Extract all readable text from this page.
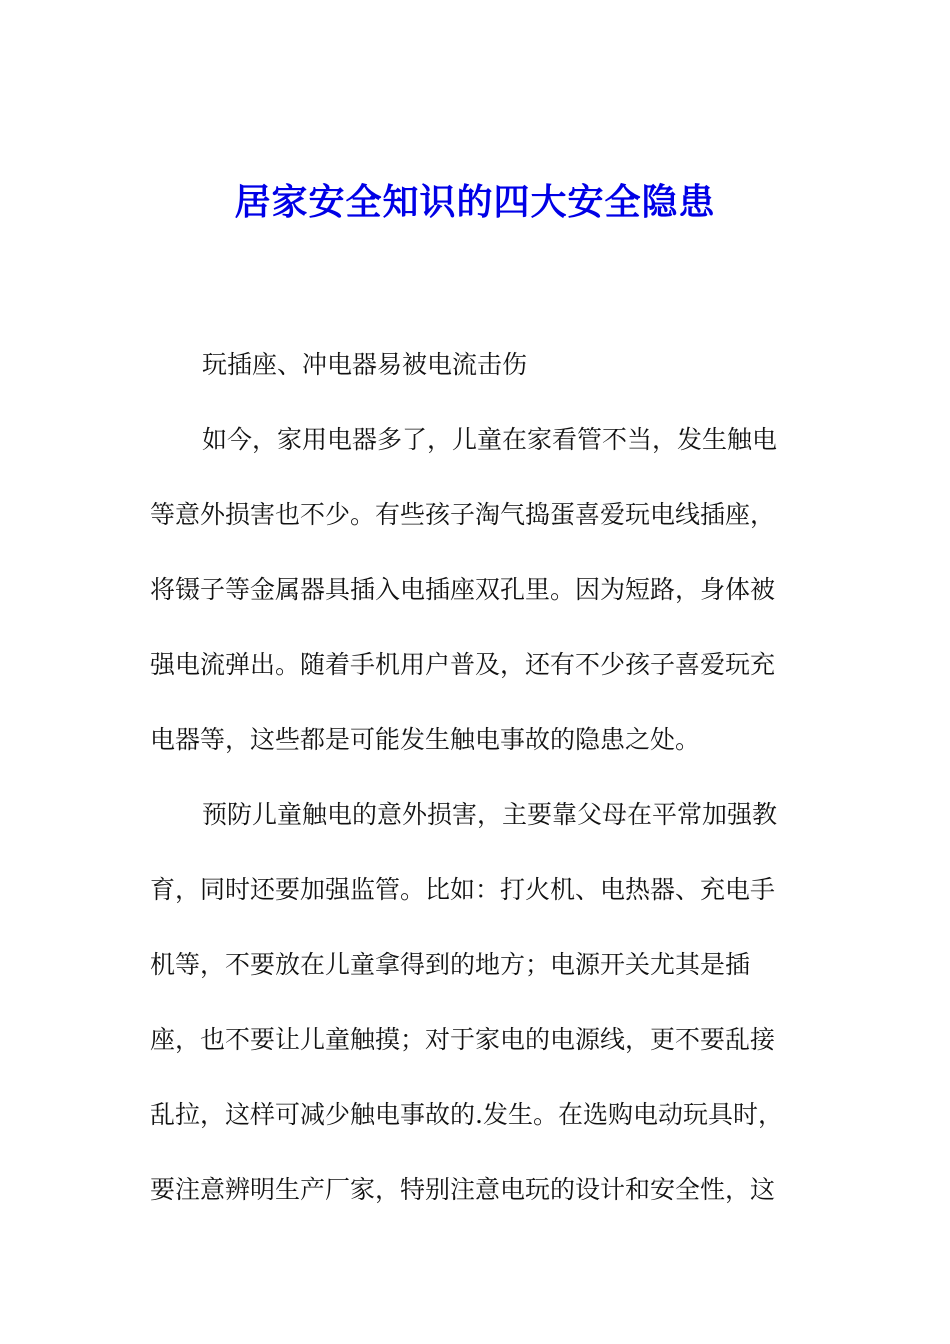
居家安全知识的四大安全隐患
玩插座、冲电器易被电流击伤
如今，家用电器多了，儿童在家看管不当，发生触电
等意外损害也不少。有些孩子淘气捣蛋喜爱玩电线插座，
将镊子等金属器具插入电插座双孔里。因为短路，身体被
强电流弹出。随着手机用户普及，还有不少孩子喜爱玩充
电器等，这些都是可能发生触电事故的隐患之处。
预防儿童触电的意外损害，主要靠父母在平常加强教
育，同时还要加强监管。比如：打火机、电热器、充电手
机等，不要放在儿童拿得到的地方；电源开关尤其是插
座，也不要让儿童触摸；对于家电的电源线，更不要乱接
乱拉，这样可减少触电事故的.发生。在选购电动玩具时，
要注意辨明生产厂家，特别注意电玩的设计和安全性，这
